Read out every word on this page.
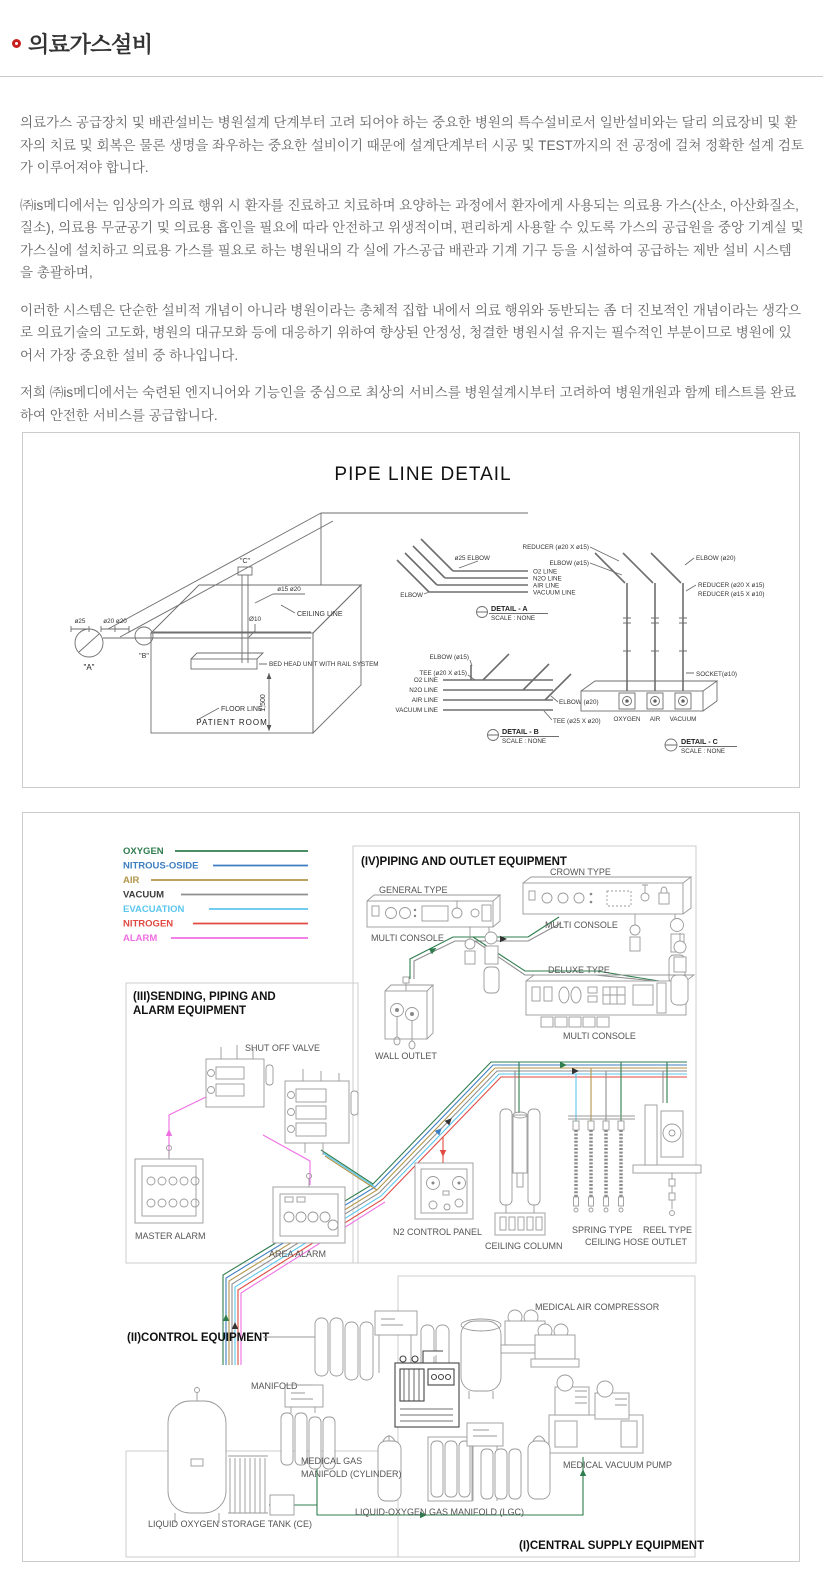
의료가스설비

의료가스 공급장치 및 배관설비는 병원설계 단계부터 고려 되어야 하는 중요한 병원의 특수설비로서 일반설비와는 달리 의료장비 및 환자의 치료 및 회복은 물론 생명을 좌우하는 중요한 설비이기 때문에 설계단계부터 시공 및 TEST까지의 전 공정에 걸쳐 정확한 설계 검토가 이루어져야 합니다.

㈜is메디에서는 임상의가 의료 행위 시 환자를 진료하고 치료하며 요양하는 과정에서 환자에게 사용되는 의료용 가스(산소, 아산화질소, 질소), 의료용 무균공기 및 의료용 흡인을 필요에 따라 안전하고 위생적이며, 편리하게 사용할 수 있도록 가스의 공급원을 중앙 기계실 및 가스실에 설치하고 의료용 가스를 필요로 하는 병원내의 각 실에 가스공급 배관과 기계 기구 등을 시설하여 공급하는 제반 설비 시스템을 총괄하며,

이러한 시스템은 단순한 설비적 개념이 아니라 병원이라는 총체적 집합 내에서 의료 행위와 동반되는 좀 더 진보적인 개념이라는 생각으로 의료기술의 고도화, 병원의 대규모화 등에 대응하기 위하여 향상된 안정성, 청결한 병원시설 유지는 필수적인 부분이므로 병원에 있어서 가장 중요한 설비 중 하나입니다.

저희 ㈜is메디에서는 숙련된 엔지니어와 기능인을 중심으로 최상의 서비스를 병원설계시부터 고려하여 병원개원과 함께 테스트를 완료하여 안전한 서비스를 공급합니다.

PIPE LINE DETAIL
ø25	ø20 ø20
"A"
"B"
"C"
ø15 ø20
CEILING LINE
Ø10
BED HEAD UNIT WITH RAIL SYSTEM
1,500
FLOOR LINE
PATIENT ROOM
ø25 ELBOW
ELBOW
O2 LINE
N2O LINE
AIR LINE
VACUUM LINE
DETAIL - A
SCALE : NONE
ELBOW (ø15)
TEE (ø20 X ø15)
O2 LINE
N2O LINE
AIR LINE
VACUUM LINE
ELBOW (ø20)
TEE (ø25 X ø20)
DETAIL - B
SCALE : NONE
REDUCER (ø20 X ø15)
ELBOW (ø15)
ELBOW (ø20)
REDUCER (ø20 X ø15)
REDUCER (ø15 X ø10)
SOCKET(ø10)
OXYGEN AIR VACUUM
DETAIL - C
SCALE : NONE
OXYGEN
NITROUS-OSIDE
AIR
VACUUM
EVACUATION
NITROGEN
ALARM
(IV)PIPING AND OUTLET EQUIPMENT
(III)SENDING, PIPING AND
ALARM EQUIPMENT
(II)CONTROL EQUIPMENT
(I)CENTRAL SUPPLY EQUIPMENT
GENERAL TYPE
MULTI CONSOLE
CROWN TYPE
MULTI CONSOLE
DELUXE TYPE
MULTI CONSOLE
WALL OUTLET
SHUT OFF VALVE
MASTER ALARM
AREA ALARM
N2 CONTROL PANEL
CEILING COLUMN
SPRING TYPE REEL TYPE
CEILING HOSE OUTLET
MANIFOLD
MEDICAL AIR COMPRESSOR
MEDICAL VACUUM PUMP
MEDICAL GAS
MANIFOLD (CYLINDER)
LIQUID OXYGEN STORAGE TANK (CE)
LIQUID-OXYGEN GAS MANIFOLD (LGC)
